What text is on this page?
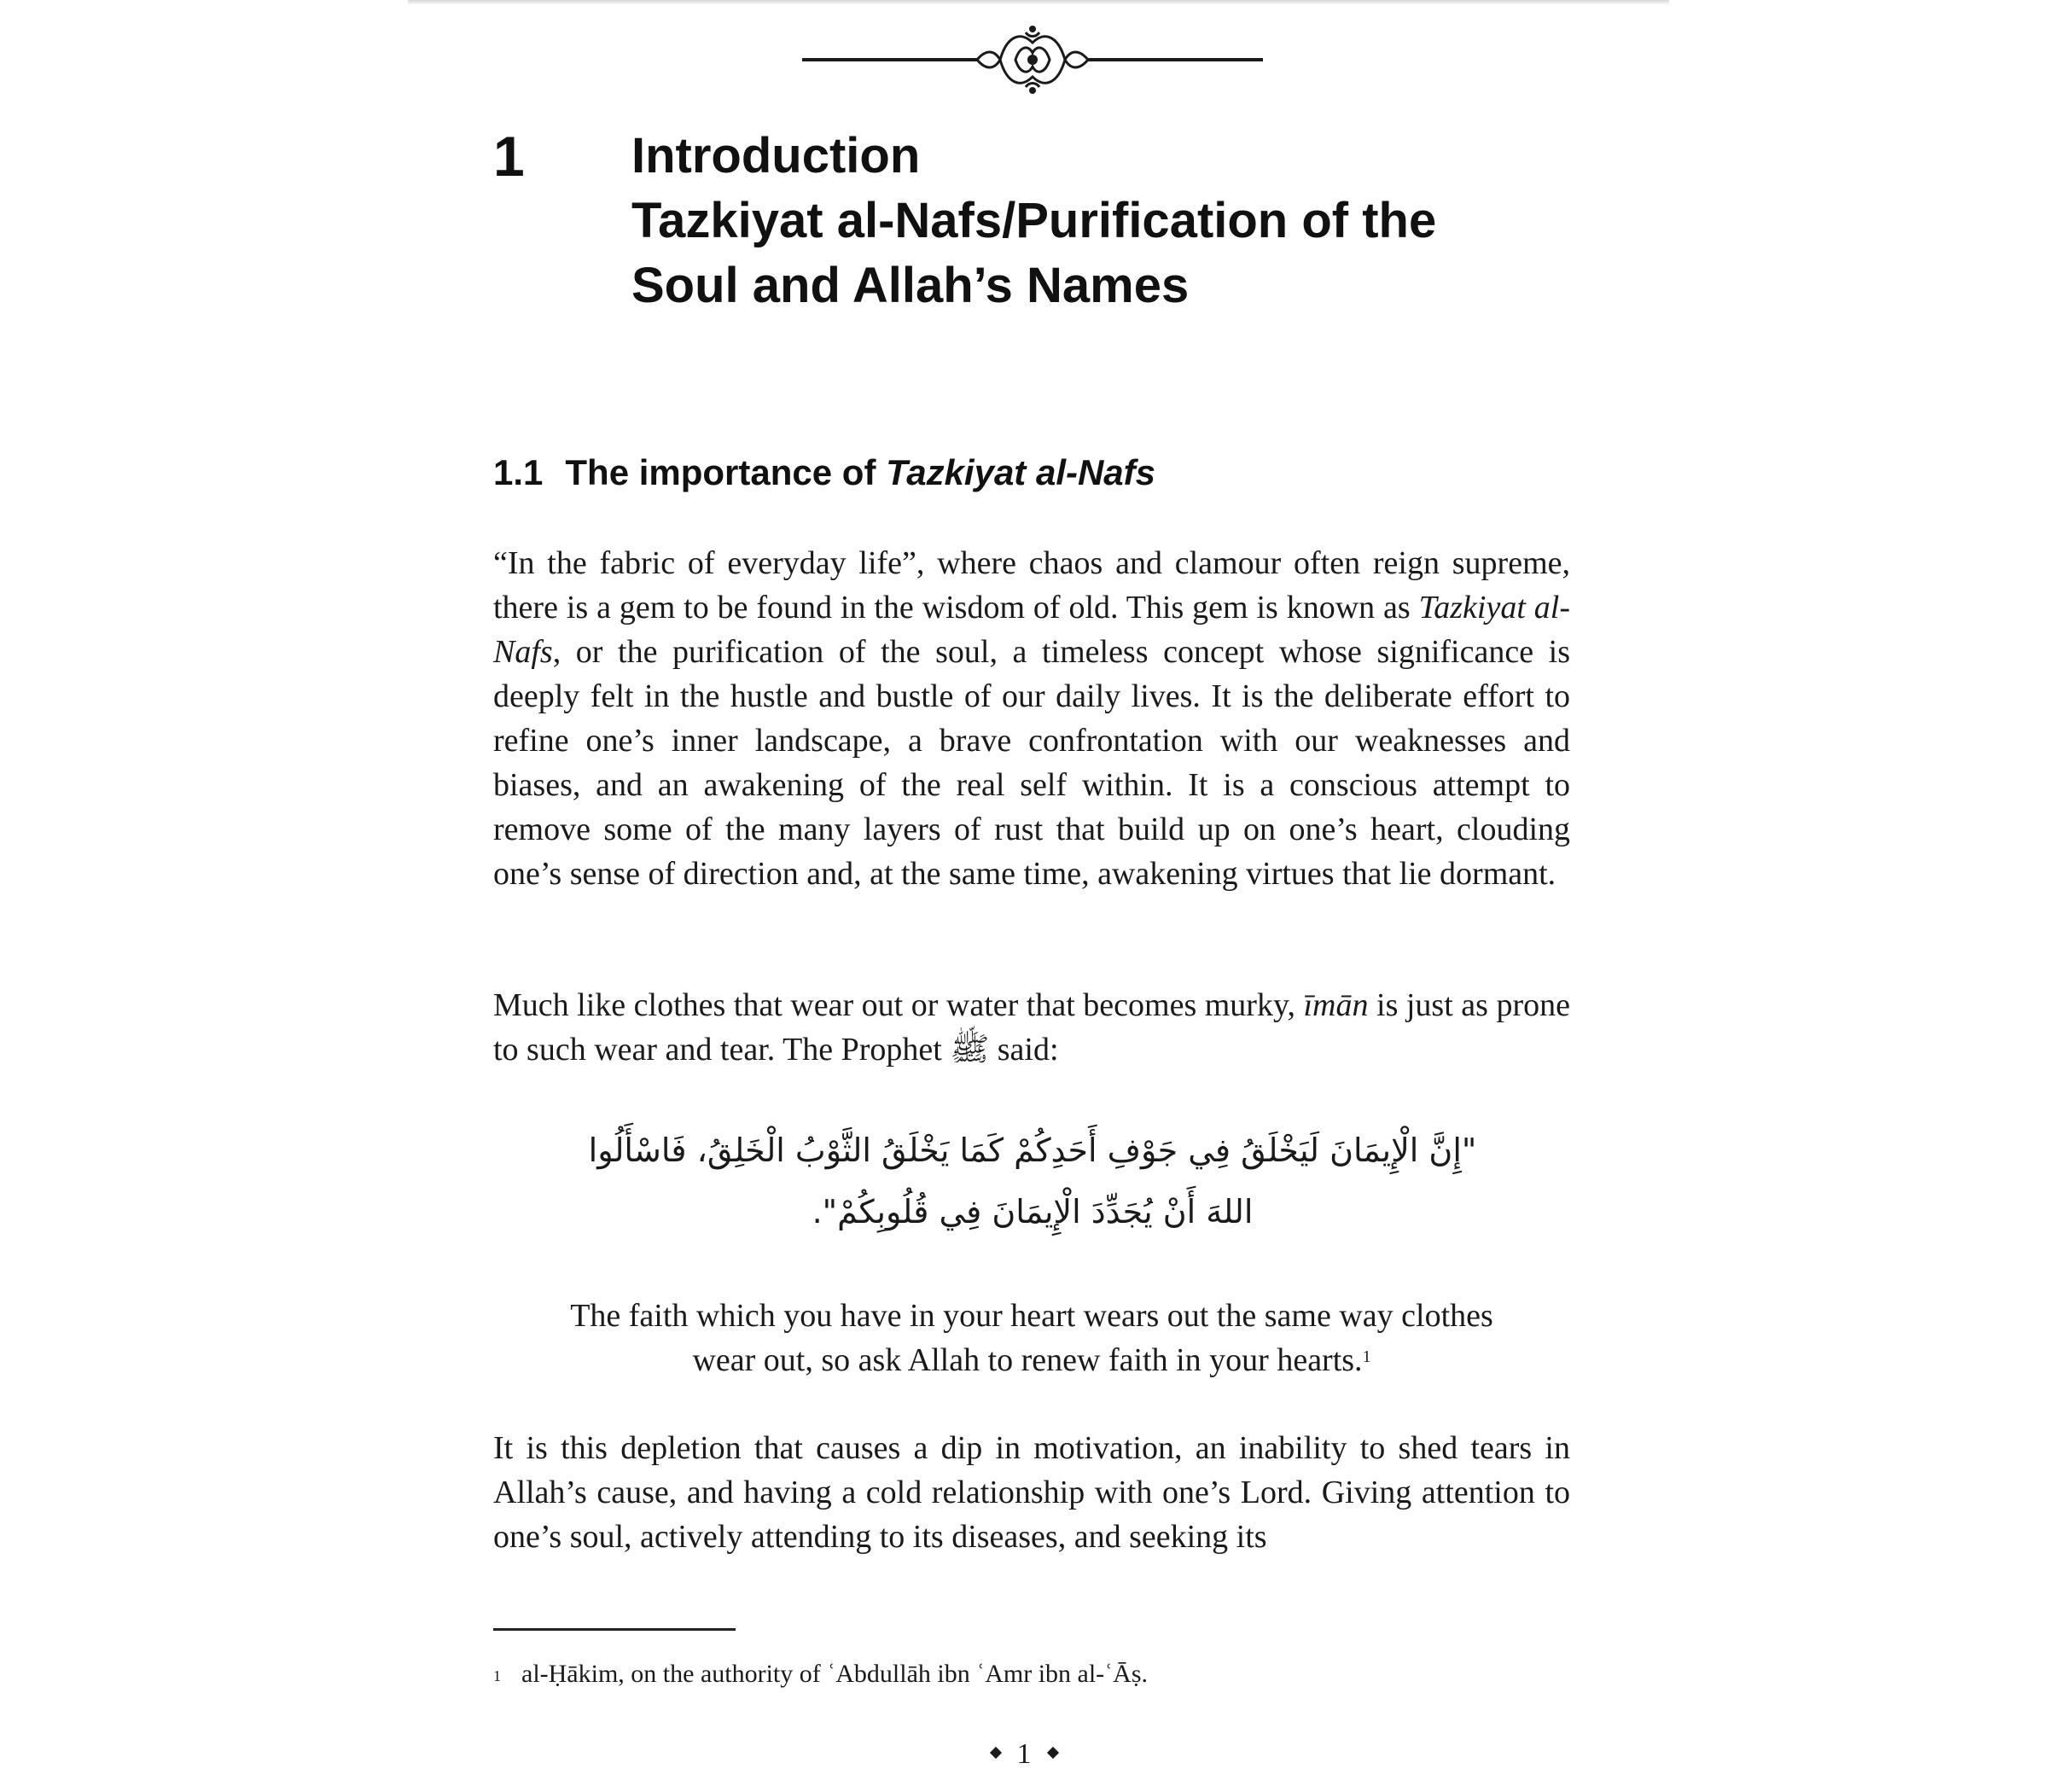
1 Introduction
Tazkiyat al-Nafs/Purification of the
Soul and Allah’s Names
1.1 The importance of Tazkiyat al-Nafs

“In the fabric of everyday life”, where chaos and clamour often reign supreme, there is a gem to be found in the wisdom of old. This gem is known as Tazkiyat al-Nafs, or the purification of the soul, a timeless concept whose significance is deeply felt in the hustle and bustle of our daily lives. It is the deliberate effort to refine one’s inner landscape, a brave confrontation with our weaknesses and biases, and an awakening of the real self within. It is a conscious attempt to remove some of the many layers of rust that build up on one’s heart, clouding one’s sense of direction and, at the same time, awakening virtues that lie dormant.

Much like clothes that wear out or water that becomes murky, īmān is just as prone to such wear and tear. The Prophet ﷺ said:

"إِنَّ الْإِيمَانَ لَيَخْلَقُ فِي جَوْفِ أَحَدِكُمْ كَمَا يَخْلَقُ الثَّوْبُ الْخَلِقُ، فَاسْأَلُوا
اللهَ أَنْ يُجَدِّدَ الْإِيمَانَ فِي قُلُوبِكُمْ".
The faith which you have in your heart wears out the same way clothes
wear out, so ask Allah to renew faith in your hearts.$^1$

It is this depletion that causes a dip in motivation, an inability to shed tears in Allah’s cause, and having a cold relationship with one’s Lord. Giving attention to one’s soul, actively attending to its diseases, and seeking its

$^1$ al-Ḥākim, on the authority of ʿAbdullāh ibn ʿAmr ibn al-ʿĀṣ.
1
